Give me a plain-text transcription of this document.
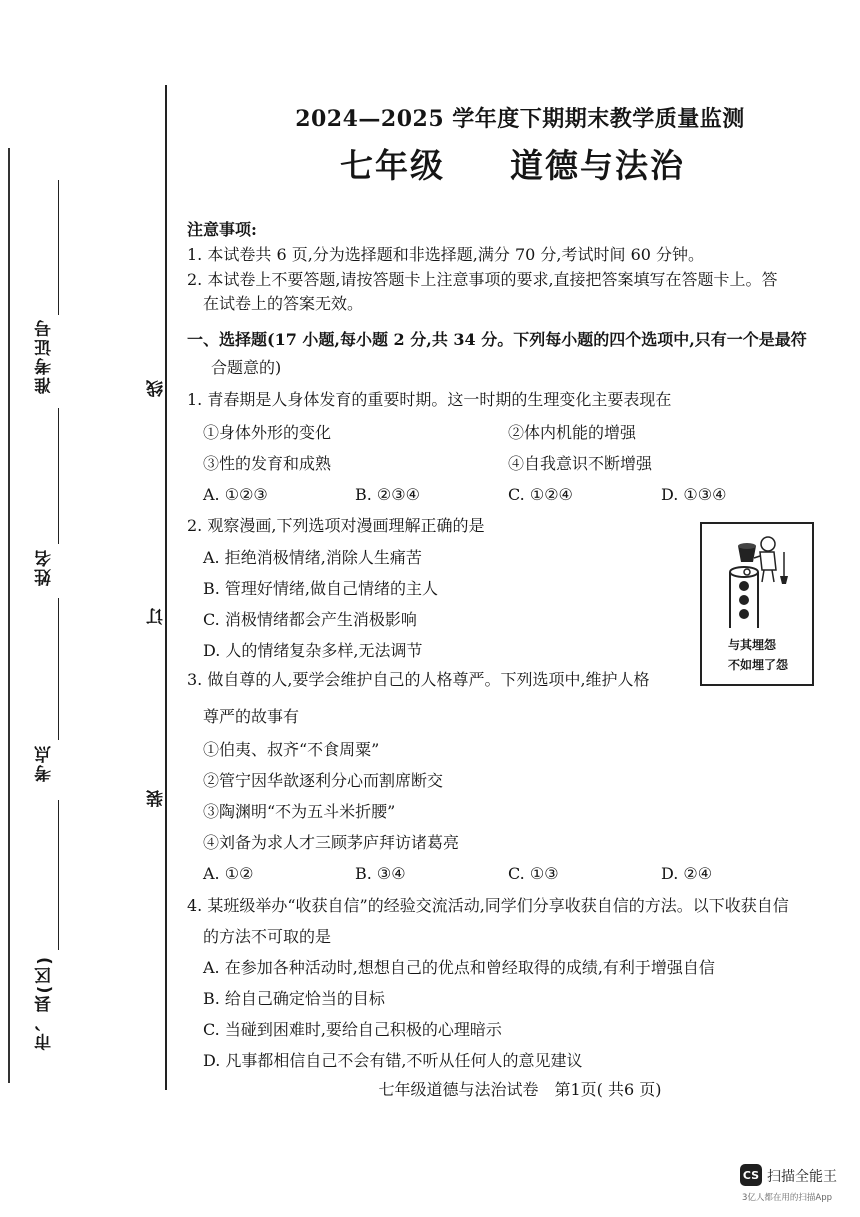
准考证号
姓名
考点
市、县(区)
线
订
装
2024—2025 学年度下期期末教学质量监测
七年级 道德与法治
注意事项:
1. 本试卷共 6 页,分为选择题和非选择题,满分 70 分,考试时间 60 分钟。
2. 本试卷上不要答题,请按答题卡上注意事项的要求,直接把答案填写在答题卡上。答
在试卷上的答案无效。
一、选择题(17 小题,每小题 2 分,共 34 分。下列每小题的四个选项中,只有一个是最符
合题意的)
1. 青春期是人身体发育的重要时期。这一时期的生理变化主要表现在
①身体外形的变化	②体内机能的增强
③性的发育和成熟	④自我意识不断增强
A. ①②③	B. ②③④	C. ①②④	D. ①③④
2. 观察漫画,下列选项对漫画理解正确的是
A. 拒绝消极情绪,消除人生痛苦
B. 管理好情绪,做自己情绪的主人
C. 消极情绪都会产生消极影响
D. 人的情绪复杂多样,无法调节	与其埋怨
不如埋了怨
3. 做自尊的人,要学会维护自己的人格尊严。下列选项中,维护人格
尊严的故事有
①伯夷、叔齐“不食周粟”
②管宁因华歆逐利分心而割席断交
③陶渊明“不为五斗米折腰”
④刘备为求人才三顾茅庐拜访诸葛亮
A. ①②	B. ③④	C. ①③	D. ②④
4. 某班级举办“收获自信”的经验交流活动,同学们分享收获自信的方法。以下收获自信
的方法不可取的是
A. 在参加各种活动时,想想自己的优点和曾经取得的成绩,有利于增强自信
B. 给自己确定恰当的目标
C. 当碰到困难时,要给自己积极的心理暗示
D. 凡事都相信自己不会有错,不听从任何人的意见建议
七年级道德与法治试卷　第1页( 共6 页)
CS 扫描全能王
3亿人都在用的扫描App
